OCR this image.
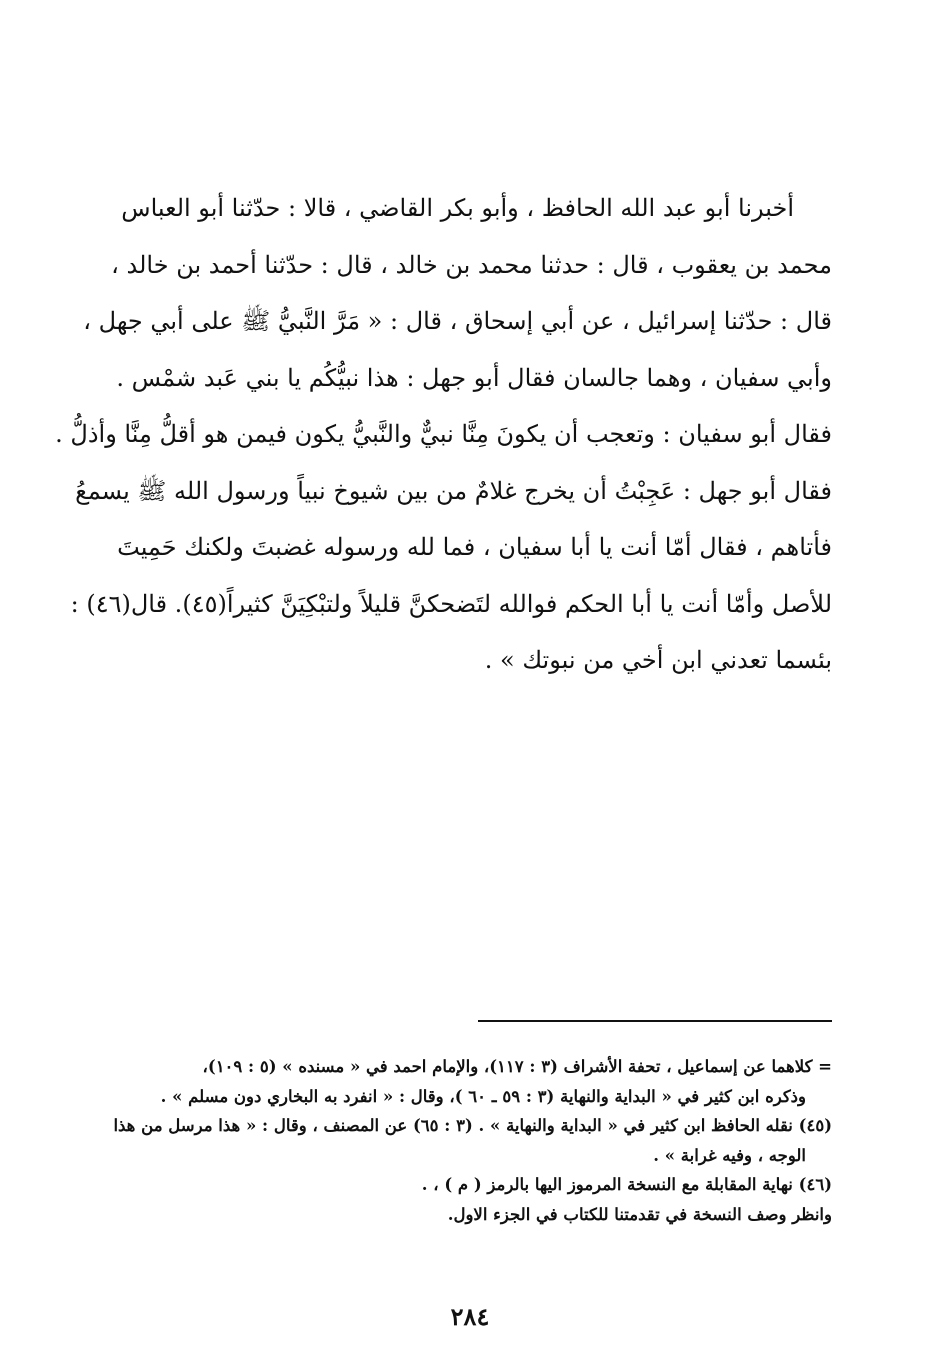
أخبرنا أبو عبد الله الحافظ ، وأبو بكر القاضي ، قالا : حدّثنا أبو العباس
محمد بن يعقوب ، قال : حدثنا محمد بن خالد ، قال : حدّثنا أحمد بن خالد ،
قال : حدّثنا إسرائيل ، عن أبي إسحاق ، قال : « مَرَّ النَّبيُّ ﷺ على أبي جهل ،
وأبي سفيان ، وهما جالسان فقال أبو جهل : هذا نبيُّكُم يا بني عَبد شمْس .
فقال أبو سفيان : وتعجب أن يكونَ مِنَّا نبيٌّ والنَّبيُّ يكون فيمن هو أقلُّ مِنَّا وأذلُّ .
فقال أبو جهل : عَجِبْتُ أن يخرج غلامٌ من بين شيوخ نبياً ورسول الله ﷺ يسمعُ
فأتاهم ، فقال أمّا أنت يا أبا سفيان ، فما لله ورسوله غضبتَ ولكنك حَمِيتَ
للأصل وأمّا أنت يا أبا الحكم فوالله لتَضحكنَّ قليلاً ولتبْكِيَنَّ كثيراً(٤٥). قال(٤٦) :
بئسما تعدني ابن أخي من نبوتك » .
= كلاهما عن إسماعيل ، تحفة الأشراف (٣ : ١١٧)، والإمام احمد في « مسنده » (٥ : ١٠٩)،
وذكره ابن كثير في « البداية والنهاية (٣ : ٥٩ ـ ٦٠ )، وقال : « انفرد به البخاري دون مسلم » .
(٤٥) نقله الحافظ ابن كثير في « البداية والنهاية » . (٣ : ٦٥) عن المصنف ، وقال : « هذا مرسل من هذا
الوجه ، وفيه غرابة » .
(٤٦) نهاية المقابلة مع النسخة المرموز اليها بالرمز ( م ) ، .
وانظر وصف النسخة في تقدمتنا للكتاب في الجزء الاول.
٢٨٤
